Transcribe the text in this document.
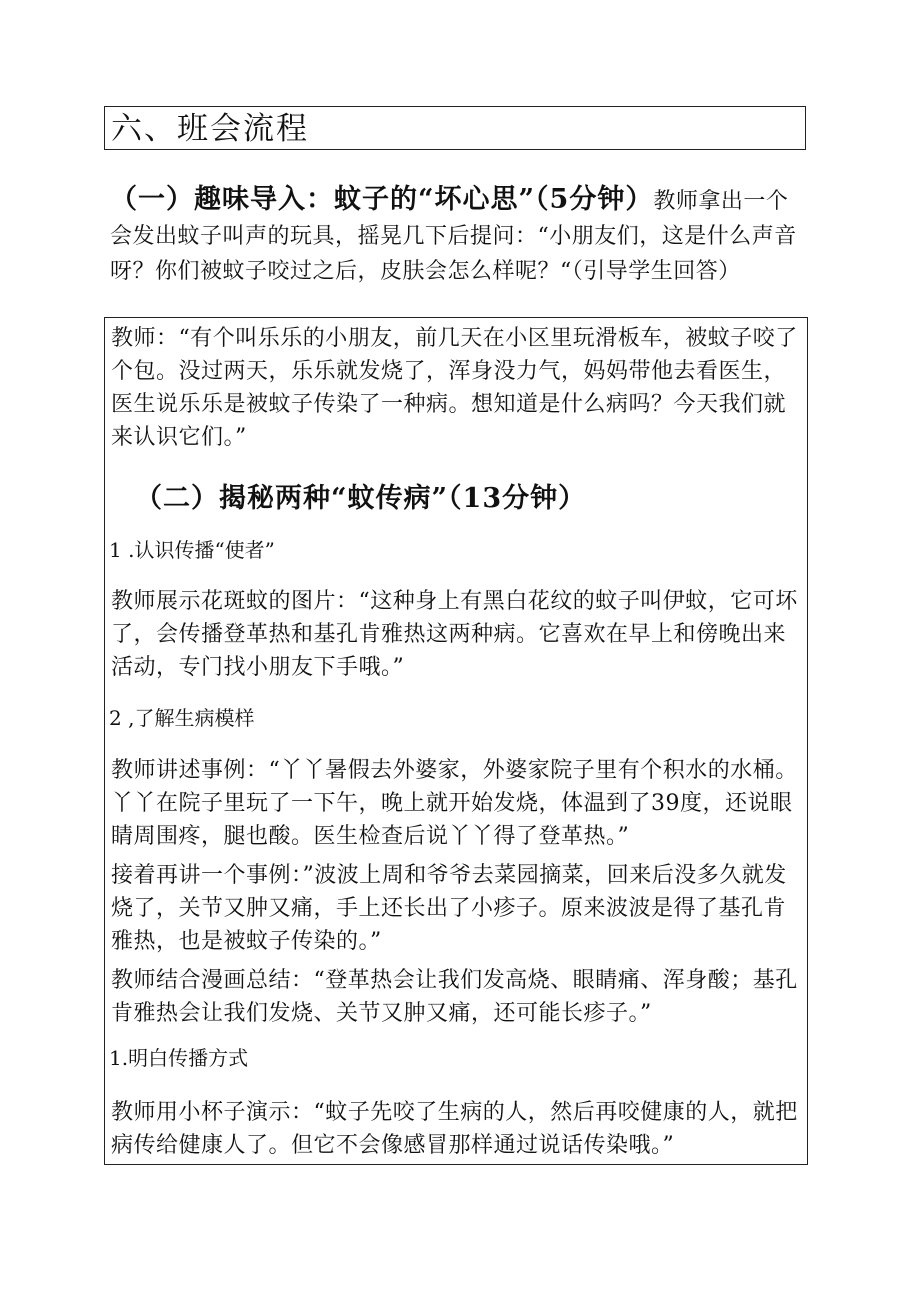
六、班会流程
（一）趣味导入：蚊子的“坏心思”（5分钟）教师拿出一个会发出蚊子叫声的玩具，摇晃几下后提问：“小朋友们，这是什么声音呀？你们被蚊子咬过之后，皮肤会怎么样呢？“（引导学生回答）

教师：“有个叫乐乐的小朋友，前几天在小区里玩滑板车，被蚊子咬了个包。没过两天，乐乐就发烧了，浑身没力气，妈妈带他去看医生，医生说乐乐是被蚊子传染了一种病。想知道是什么病吗？今天我们就来认识它们。”

（二）揭秘两种“蚊传病”（13分钟）
1 .认识传播“使者”

教师展示花斑蚊的图片：“这种身上有黑白花纹的蚊子叫伊蚊，它可坏了，会传播登革热和基孔肯雅热这两种病。它喜欢在早上和傍晚出来活动，专门找小朋友下手哦。”

2 ,了解生病模样

教师讲述事例：“丫丫暑假去外婆家，外婆家院子里有个积水的水桶。丫丫在院子里玩了一下午，晚上就开始发烧，体温到了39度，还说眼睛周围疼，腿也酸。医生检查后说丫丫得了登革热。”

接着再讲一个事例：”波波上周和爷爷去菜园摘菜，回来后没多久就发烧了，关节又肿又痛，手上还长出了小疹子。原来波波是得了基孔肯雅热，也是被蚊子传染的。”

教师结合漫画总结：“登革热会让我们发高烧、眼睛痛、浑身酸；基孔肯雅热会让我们发烧、关节又肿又痛，还可能长疹子。”

1.明白传播方式

教师用小杯子演示：“蚊子先咬了生病的人，然后再咬健康的人，就把病传给健康人了。但它不会像感冒那样通过说话传染哦。”
